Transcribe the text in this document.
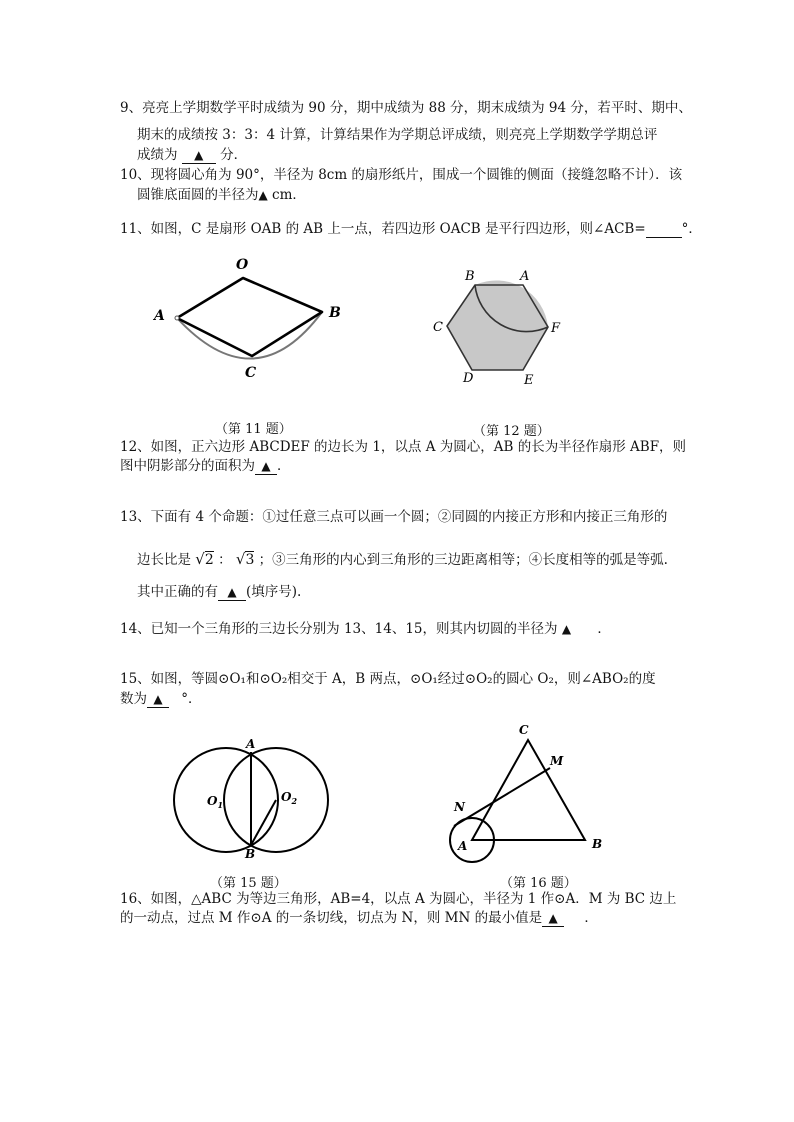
9、亮亮上学期数学平时成绩为 90 分，期中成绩为 88 分，期末成绩为 94 分，若平时、期中、
期末的成绩按 3：3：4 计算，计算结果作为学期总评成绩，则亮亮上学期数学学期总评
成绩为 ▲ 分．
10、现将圆心角为 90°，半径为 8cm 的扇形纸片，围成一个圆锥的侧面（接缝忽略不计）．该
圆锥底面圆的半径为▲ cm．
11、如图，C 是扇形 OAB 的 AB 上一点，若四边形 OACB 是平行四边形，则∠ACB=	°．
O
A	B
C
（第 11 题）
B	A
C	F
D	E
（第 12 题）
12、如图，正六边形 ABCDEF 的边长为 1，以点 A 为圆心，AB 的长为半径作扇形 ABF，则
图中阴影部分的面积为 ▲ ．
13、下面有 4 个命题：①过任意三点可以画一个圆；②同圆的内接正方形和内接正三角形的
边长比是 √2 ： √3 ；③三角形的内心到三角形的三边距离相等；④长度相等的弧是等弧.
其中正确的有 ▲ (填序号).
14、已知一个三角形的三边长分别为 13、14、15，则其内切圆的半径为 ▲ ．
15、如图，等圆⊙O₁和⊙O₂相交于 A，B 两点，⊙O₁经过⊙O₂的圆心 O₂，则∠ABO₂的度
数为 ▲ °．
A
B
$O_1$
$O_2$
（第 15 题）
C
M
N
A	B
（第 16 题）
16、如图，△ABC 为等边三角形，AB=4，以点 A 为圆心，半径为 1 作⊙A．M 为 BC 边上
的一动点，过点 M 作⊙A 的一条切线，切点为 N，则 MN 的最小值是 ▲ ．
